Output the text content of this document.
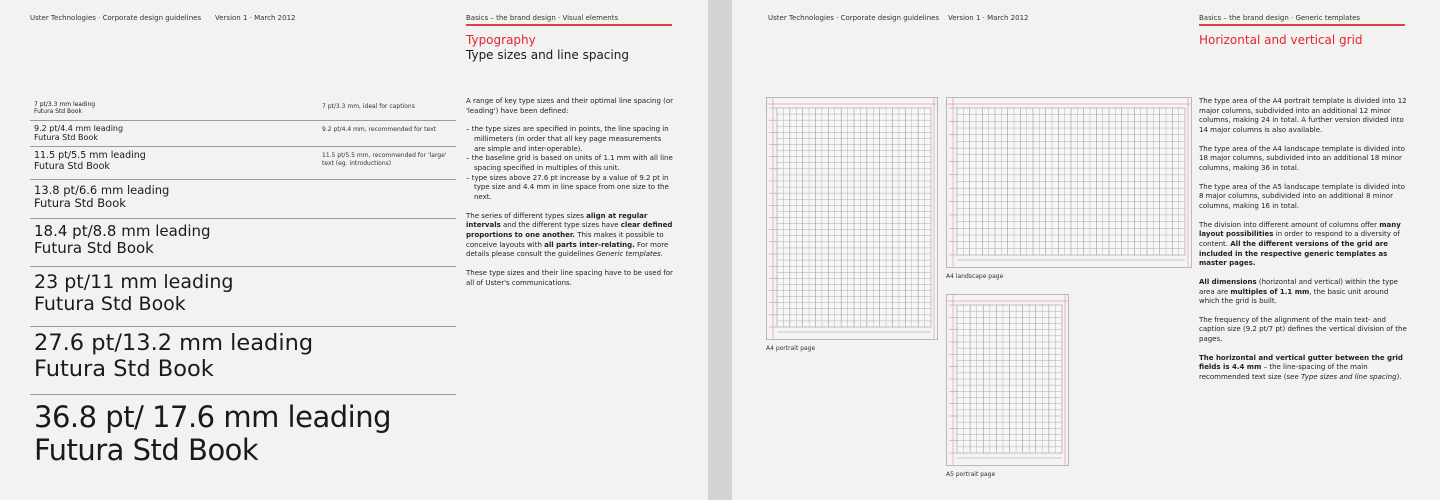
Uster Technologies · Corporate design guidelines Version 1 · March 2012	Basics – the brand design · Visual elements
Typography
Type sizes and line spacing
7 pt/3.3 mm leading
Futura Std Book
7 pt/3.3 mm, ideal for captions
9.2 pt/4.4 mm leading
Futura Std Book
9.2 pt/4.4 mm, recommended for text
11.5 pt/5.5 mm leading
Futura Std Book
11.5 pt/5.5 mm, recommended for 'large' text (eg. introductions)
13.8 pt/6.6 mm leading
Futura Std Book
18.4 pt/8.8 mm leading
Futura Std Book
23 pt/11 mm leading
Futura Std Book
27.6 pt/13.2 mm leading
Futura Std Book
36.8 pt/ 17.6 mm leading
Futura Std Book

A range of key type sizes and their optimal line spacing (or 'leading') have been defined:

– the type sizes are specified in points, the line spacing in millimeters (in order that all key page measurements are simple and inter-operable).
– the baseline grid is based on units of 1.1 mm with all line spacing specified in multiples of this unit.
– type sizes above 27.6 pt increase by a value of 9.2 pt in type size and 4.4 mm in line space from one size to the next.

The series of different types sizes align at regular intervals and the different type sizes have clear defined proportions to one another. This makes it possible to conceive layouts with all parts inter-relating. For more details please consult the guidelines Generic templates.

These type sizes and their line spacing have to be used for all of Uster's communications.

Uster Technologies · Corporate design guidelines Version 1 · March 2012	Basics – the brand design · Generic templates
Horizontal and vertical grid
A4 portrait page
A4 landscape page
A5 portrait page

The type area of the A4 portrait template is divided into 12 major columns, subdivided into an additional 12 minor columns, making 24 in total. A further version divided into 14 major columns is also available.

The type area of the A4 landscape template is divided into 18 major columns, subdivided into an additional 18 minor columns, making 36 in total.

The type area of the A5 landscape template is divided into 8 major columns, subdivided into an additional 8 minor columns, making 16 in total.

The division into different amount of columns offer many layout possibilities in order to respond to a diversity of content. All the different versions of the grid are included in the respective generic templates as master pages.

All dimensions (horizontal and vertical) within the type area are multiples of 1.1 mm, the basic unit around which the grid is built.

The frequency of the alignment of the main text- and caption size (9.2 pt/7 pt) defines the vertical division of the pages.

The horizontal and vertical gutter between the grid fields is 4.4 mm – the line-spacing of the main recommended text size (see Type sizes and line spacing).
